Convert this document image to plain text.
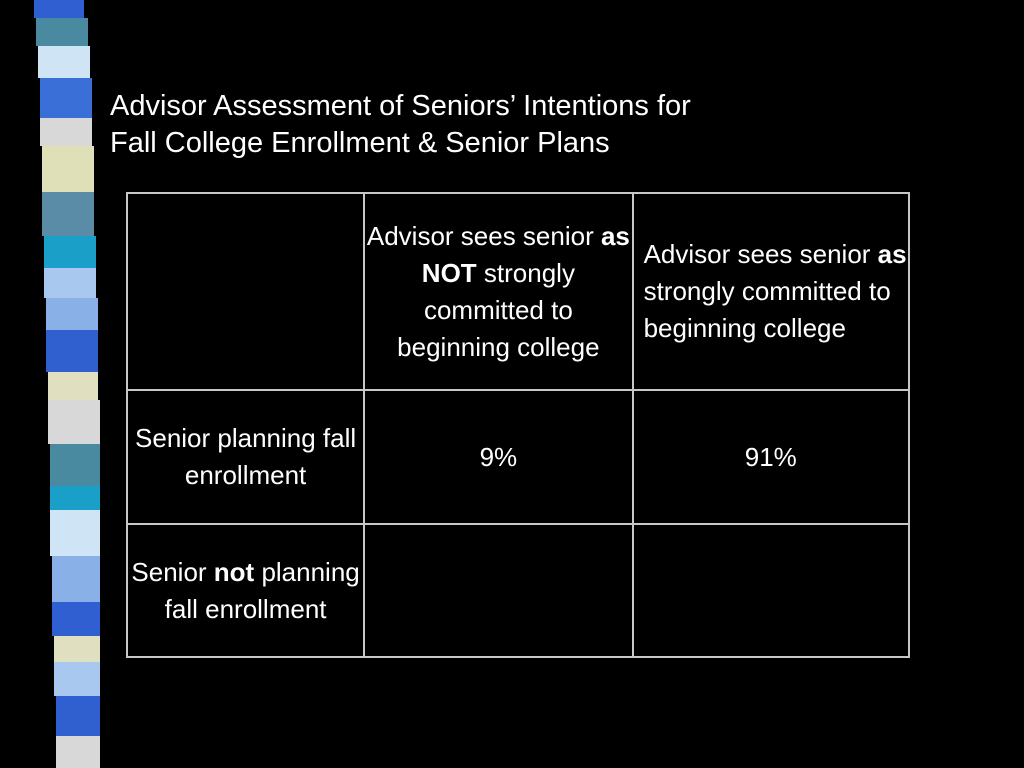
Advisor Assessment of Seniors’ Intentions for
Fall College Enrollment & Senior Plans
	Advisor sees senior as NOT strongly committed to beginning college	Advisor sees senior as strongly committed to beginning college
Senior planning fall enrollment	9%	91%
Senior not planning fall enrollment		
